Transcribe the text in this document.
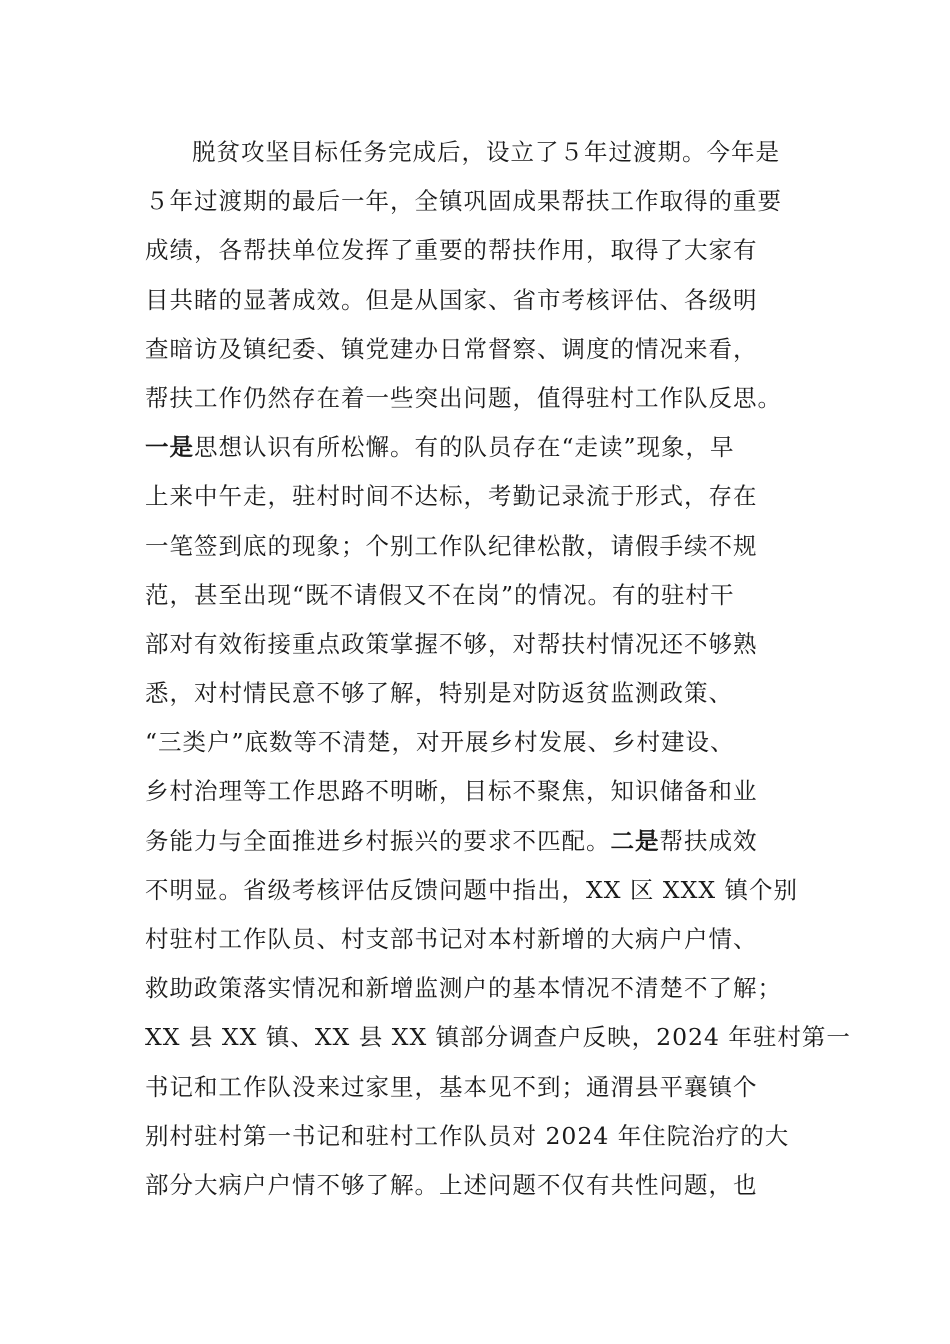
脱贫攻坚目标任务完成后，设立了５年过渡期。今年是
５年过渡期的最后一年，全镇巩固成果帮扶工作取得的重要
成绩，各帮扶单位发挥了重要的帮扶作用，取得了大家有
目共睹的显著成效。但是从国家、省市考核评估、各级明
查暗访及镇纪委、镇党建办日常督察、调度的情况来看，
帮扶工作仍然存在着一些突出问题，值得驻村工作队反思。
一是思想认识有所松懈。有的队员存在“走读”现象，早
上来中午走，驻村时间不达标，考勤记录流于形式，存在
一笔签到底的现象；个别工作队纪律松散，请假手续不规
范，甚至出现“既不请假又不在岗”的情况。有的驻村干
部对有效衔接重点政策掌握不够，对帮扶村情况还不够熟
悉，对村情民意不够了解，特别是对防返贫监测政策、
“三类户”底数等不清楚，对开展乡村发展、乡村建设、
乡村治理等工作思路不明晰，目标不聚焦，知识储备和业
务能力与全面推进乡村振兴的要求不匹配。二是帮扶成效
不明显。省级考核评估反馈问题中指出，XX 区 XXX 镇个别
村驻村工作队员、村支部书记对本村新增的大病户户情、
救助政策落实情况和新增监测户的基本情况不清楚不了解；
XX 县 XX 镇、XX 县 XX 镇部分调查户反映，2024 年驻村第一
书记和工作队没来过家里，基本见不到；通渭县平襄镇个
别村驻村第一书记和驻村工作队员对 2024 年住院治疗的大
部分大病户户情不够了解。上述问题不仅有共性问题，也
